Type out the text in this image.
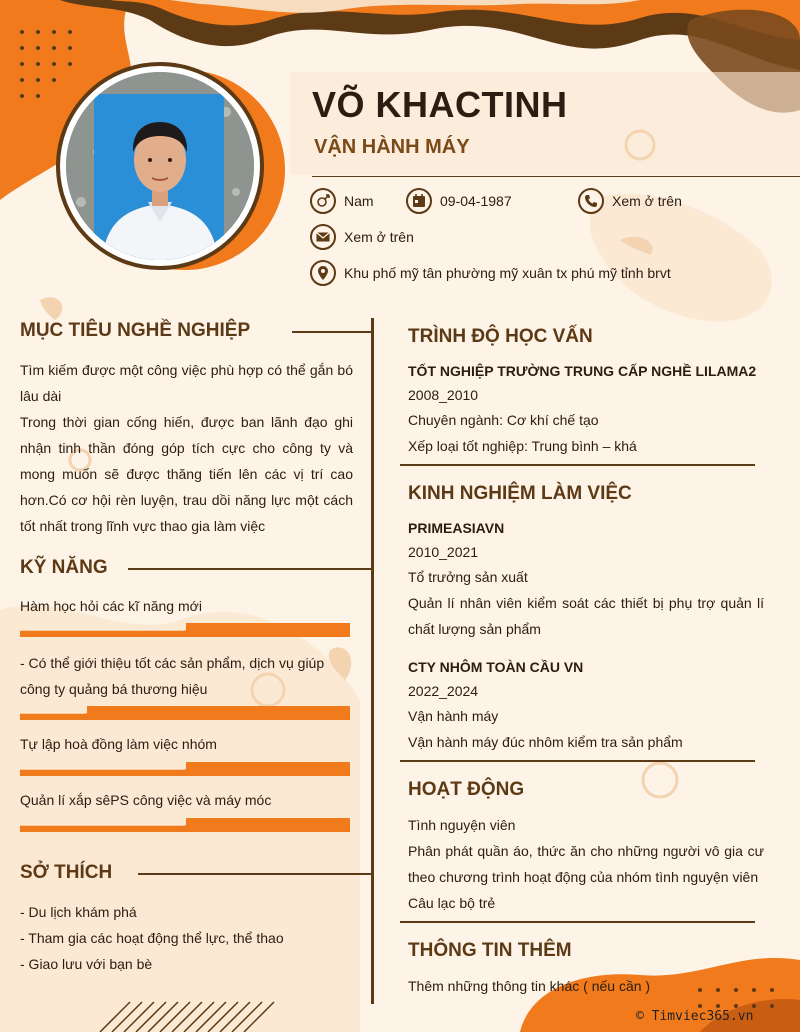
VÕ KHACTINH
VẬN HÀNH MÁY
Nam	09-04-1987	Xem ở trên
Xem ở trên
Khu phố mỹ tân phường mỹ xuân tx phú mỹ tỉnh brvt
MỤC TIÊU NGHỀ NGHIỆP
Tìm kiếm được một công việc phù hợp có thể gắn bó lâu dài
Trong thời gian cống hiến, được ban lãnh đạo ghi nhận tinh thần đóng góp tích cực cho công ty và mong muốn sẽ được thăng tiến lên các vị trí cao hơn.Có cơ hội rèn luyện, trau dồi năng lực một cách tốt nhất trong lĩnh vực thao gia làm việc
KỸ NĂNG
Hàm học hỏi các kĩ năng mới
- Có thể giới thiệu tốt các sản phẩm, dịch vụ giúp công ty quảng bá thương hiệu
Tự lập hoà đồng làm việc nhóm
Quản lí xắp sêPS công việc và máy móc
SỞ THÍCH
- Du lịch khám phá
- Tham gia các hoạt động thể lực, thể thao
- Giao lưu với bạn bè
TRÌNH ĐỘ HỌC VẤN
TỐT NGHIỆP TRƯỜNG TRUNG CẤP NGHỀ LILAMA2
2008_2010
Chuyên ngành: Cơ khí chế tạo
Xếp loại tốt nghiệp: Trung bình – khá
KINH NGHIỆM LÀM VIỆC
PRIMEASIAVN
2010_2021
Tổ trưởng sản xuất
Quản lí nhân viên kiểm soát các thiết bị phụ trợ quản lí chất lượng sản phẩm
CTY NHÔM TOÀN CẦU VN
2022_2024
Vận hành máy
Vận hành máy đúc nhôm kiểm tra sản phẩm
HOẠT ĐỘNG
Tình nguyện viên
Phân phát quần áo, thức ăn cho những người vô gia cư theo chương trình hoạt động của nhóm tình nguyện viên
Câu lạc bộ trẻ
THÔNG TIN THÊM
Thêm những thông tin khác ( nếu cần )
© Timviec365.vn
